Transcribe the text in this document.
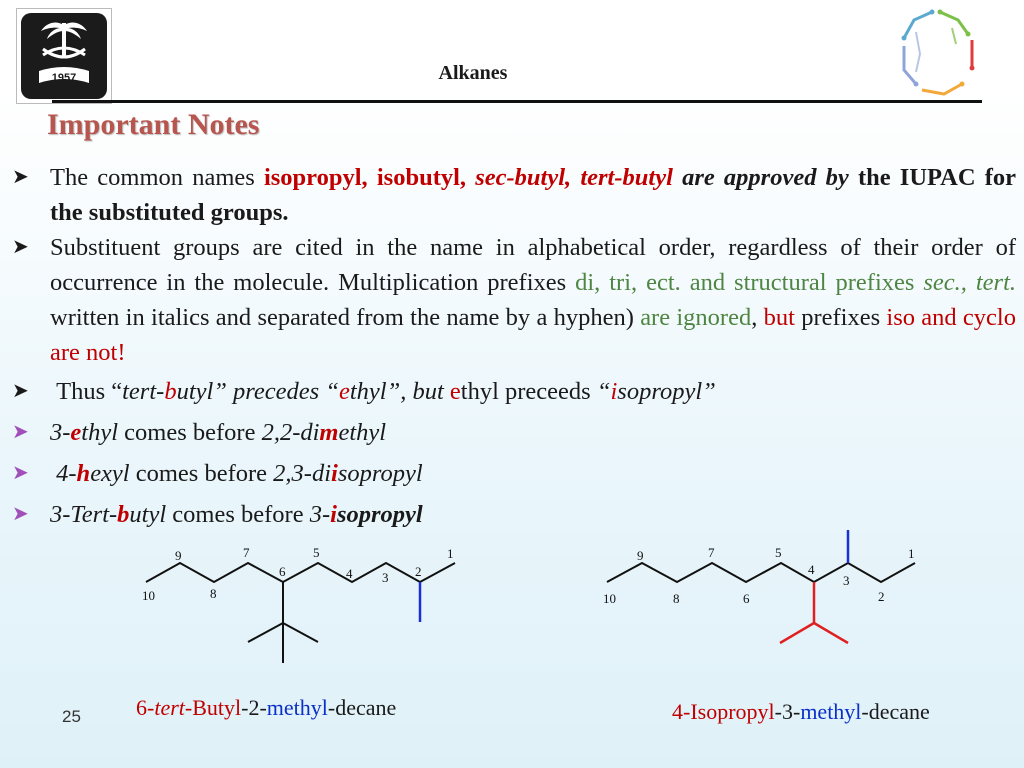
1957	Alkanes
Important Notes

➤ The common names isopropyl, isobutyl, sec-butyl, tert-butyl are approved by the IUPAC for the substituted groups.

➤ Substituent groups are cited in the name in alphabetical order, regardless of their order of occurrence in the molecule. Multiplication prefixes di, tri, ect. and structural prefixes sec., tert. written in italics and separated from the name by a hyphen) are ignored, but prefixes iso and cyclo are not!

➤ Thus “tert-butyl” precedes “ethyl”, but ethyl preceeds “isopropyl”

➤ 3-ethyl comes before 2,2-dimethyl

➤ 4-hexyl comes before 2,3-diisopropyl

➤ 3-Tert-butyl comes before 3-isopropyl

9	7	5	1
6	4 3 2
10	8
9	7	5	1
4
3
10	8	6	2
6-tert-Butyl-2-methyl-decane	4-Isopropyl-3-methyl-decane
25
